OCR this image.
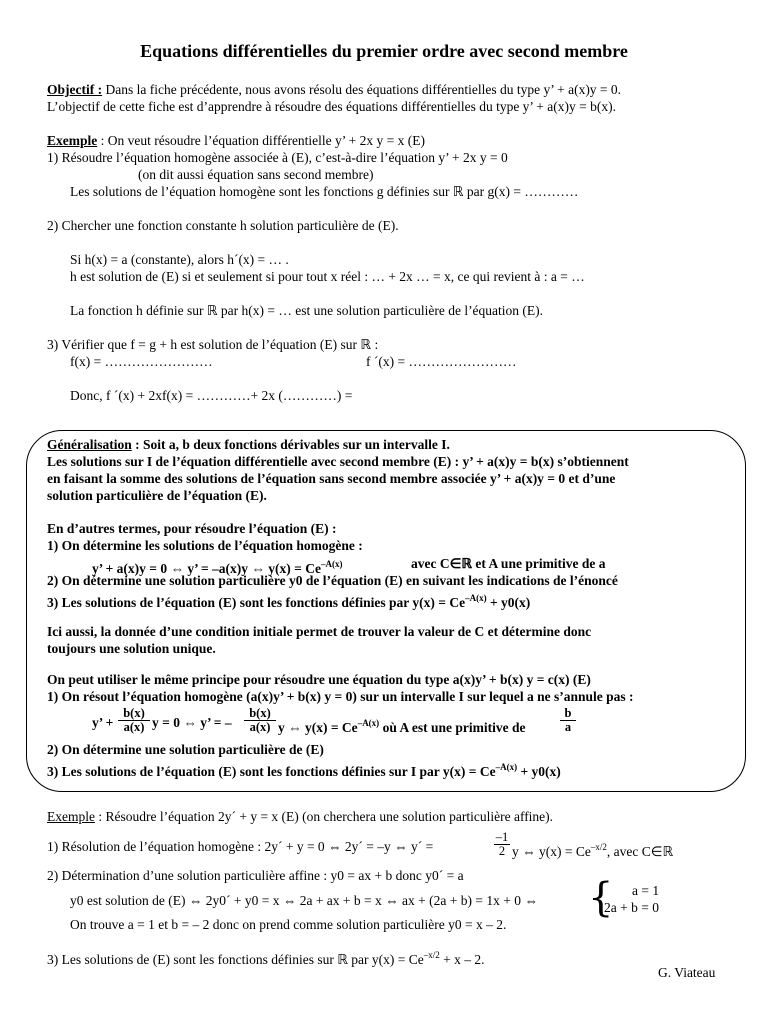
Equations différentielles du premier ordre avec second membre
Objectif : Dans la fiche précédente, nous avons résolu des équations différentielles du type y’ + a(x)y = 0.
L’objectif de cette fiche est d’apprendre à résoudre des équations différentielles du type y’ + a(x)y = b(x).
Exemple : On veut résoudre l’équation différentielle y’ + 2x y = x (E)
1) Résoudre l’équation homogène associée à (E), c’est-à-dire l’équation y’ + 2x y = 0
(on dit aussi équation sans second membre)
Les solutions de l’équation homogène sont les fonctions g définies sur ℝ par g(x) = …………
2) Chercher une fonction constante h solution particulière de (E).
Si h(x) = a (constante), alors h´(x) = … .
h est solution de (E) si et seulement si pour tout x réel : … + 2x … = x, ce qui revient à : a = …
La fonction h définie sur ℝ par h(x) = … est une solution particulière de l’équation (E).
3) Vérifier que f = g + h est solution de l’équation (E) sur ℝ :
f(x) = ……………………	f ´(x) = ……………………
Donc, f ´(x) + 2xf(x) = …………+ 2x (…………) =
Généralisation : Soit a, b deux fonctions dérivables sur un intervalle I.
Les solutions sur I de l’équation différentielle avec second membre (E) : y’ + a(x)y = b(x) s’obtiennent
en faisant la somme des solutions de l’équation sans second membre associée y’ + a(x)y = 0 et d’une
solution particulière de l’équation (E).
En d’autres termes, pour résoudre l’équation (E) :
1) On détermine les solutions de l’équation homogène :
y’ + a(x)y = 0 ⇔ y’ = –a(x)y ⇔ $y(x) = Ce^{-A(x)}$	avec C∈ℝ et A une primitive de a
2) On détermine une solution particulière y0 de l’équation (E) en suivant les indications de l’énoncé
3) Les solutions de l’équation (E) sont les fonctions définies par $y(x) = Ce^{-A(x)} + y0(x)$
Ici aussi, la donnée d’une condition initiale permet de trouver la valeur de C et détermine donc
toujours une solution unique.
On peut utiliser le même principe pour résoudre une équation du type a(x)y’ + b(x) y = c(x) (E)
1) On résout l’équation homogène (a(x)y’ + b(x) y = 0) sur un intervalle I sur lequel a ne s’annule pas :
y’ + $\frac{b(x)}{a(x)}$ y = 0 ⇔ y’ = – $\frac{b(x)}{a(x)}$ y ⇔ $y(x) = Ce^{-A(x)}$ où A est une primitive de	$\frac{b}{a}$
2) On détermine une solution particulière de (E)
3) Les solutions de l’équation (E) sont les fonctions définies sur I par $y(x) = Ce^{-A(x)} + y0(x)$
Exemple : Résoudre l’équation 2y´ + y = x (E) (on cherchera une solution particulière affine).
1) Résolution de l’équation homogène : 2y´ + y = 0 ⇔ 2y´ = –y ⇔ y´ =	$\frac{-1}{2}$ y ⇔ $y(x) = Ce^{-x/2}$, avec C∈ℝ
2) Détermination d’une solution particulière affine : y0 = ax + b donc y0´ = a
y0 est solution de (E) ⇔ 2y0´ + y0 = x ⇔ 2a + ax + b = x ⇔ ax + (2a + b) = 1x + 0 ⇔ { a = 1
2a + b = 0
On trouve a = 1 et b = – 2 donc on prend comme solution particulière y0 = x – 2.
3) Les solutions de (E) sont les fonctions définies sur ℝ par $y(x) = Ce^{-x/2} + x - 2$.
G. Viateau
